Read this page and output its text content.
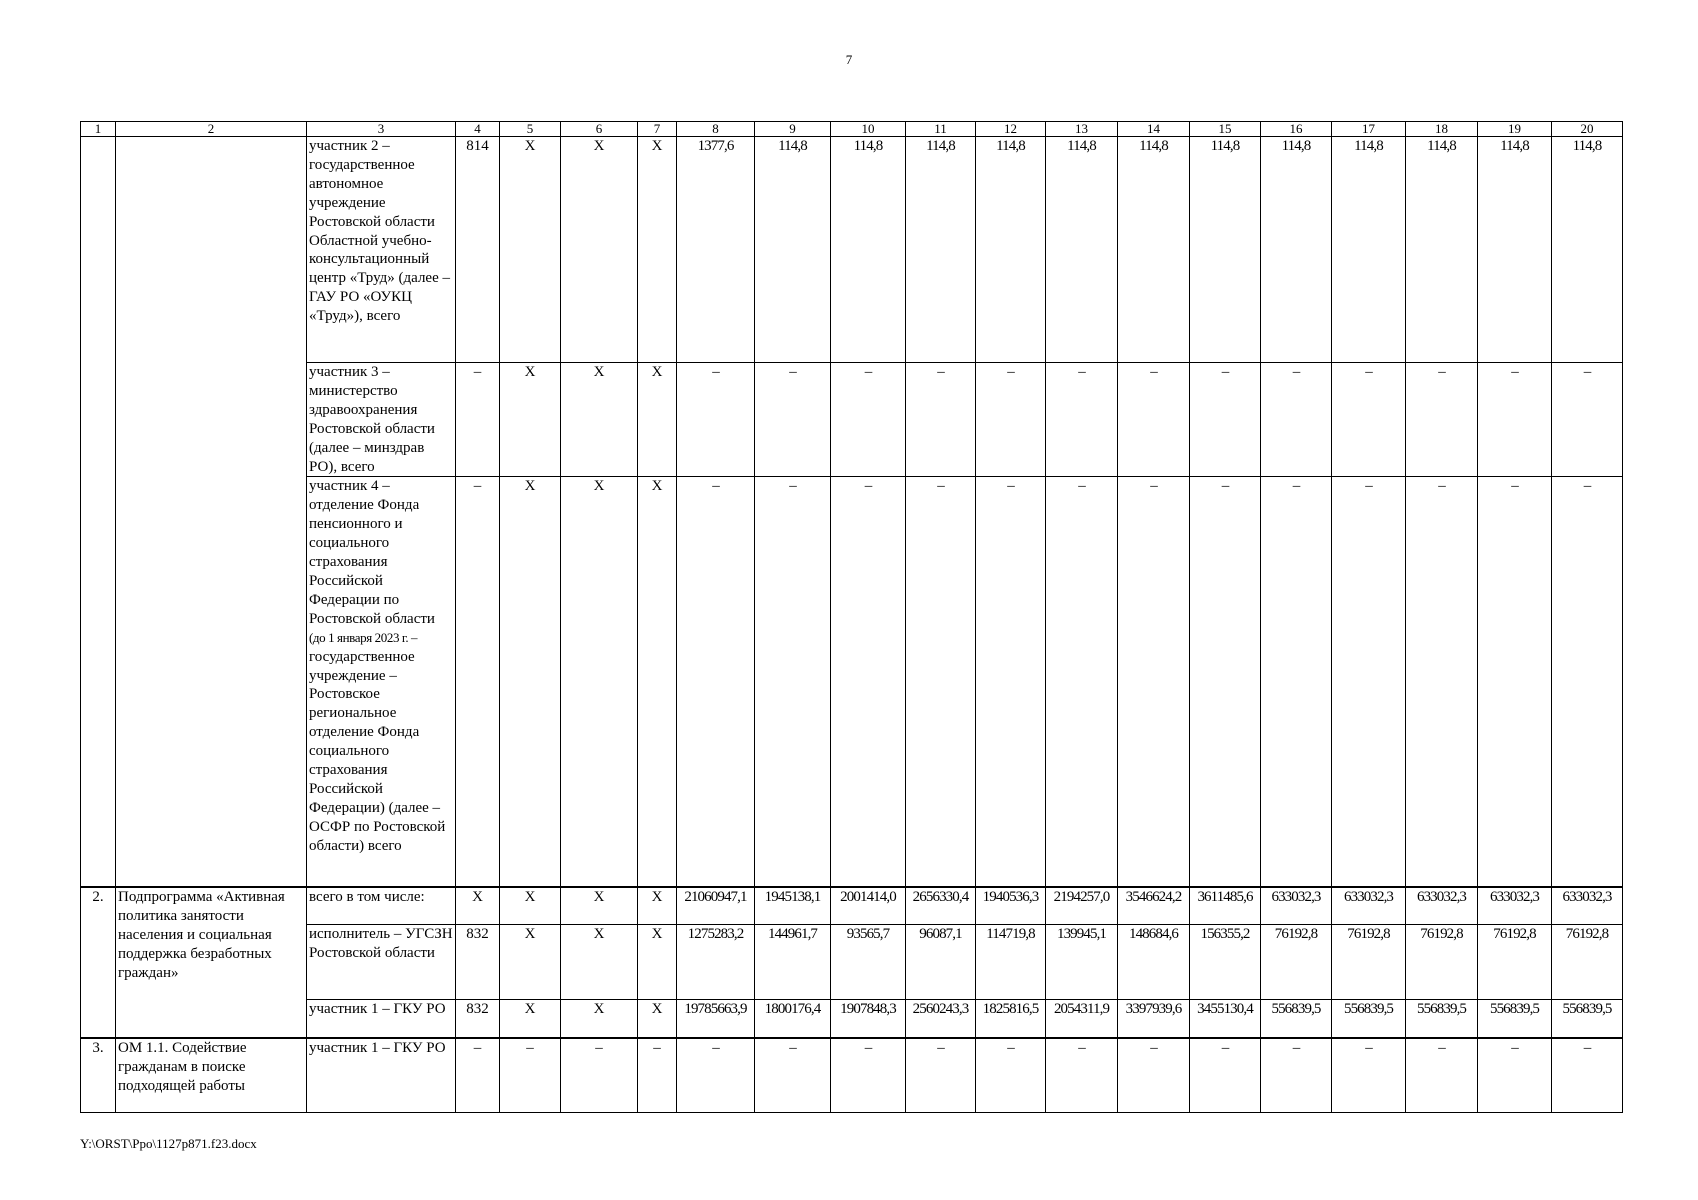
7
1	2	3	4	5	6	7	8	9	10	11	12	13	14	15	16	17	18	19	20
		участник 2 – государственное автономное учреждение Ростовской области Областной учебно-консультационный центр «Труд» (далее – ГАУ РО «ОУКЦ «Труд»), всего	814	X	X	X	1377,6	114,8	114,8	114,8	114,8	114,8	114,8	114,8	114,8	114,8	114,8	114,8	114,8
		участник 3 – министерство здравоохранения Ростовской области (далее – минздрав РО), всего	–	X	X	X	–	–	–	–	–	–	–	–	–	–	–	–	–
		участник 4 – отделение Фонда пенсионного и социального страхования Российской Федерации по Ростовской области (до 1 января 2023 г. – государственное учреждение – Ростовское региональное отделение Фонда социального страхования Российской Федерации) (далее – ОСФР по Ростовской области) всего	–	X	X	X	–	–	–	–	–	–	–	–	–	–	–	–	–
2.	Подпрограмма «Активная политика занятости населения и социальная поддержка безработных граждан»	всего в том числе:	X	X	X	X	21060947,1	1945138,1	2001414,0	2656330,4	1940536,3	2194257,0	3546624,2	3611485,6	633032,3	633032,3	633032,3	633032,3	633032,3
		исполнитель – УГСЗН Ростовской области	832	X	X	X	1275283,2	144961,7	93565,7	96087,1	114719,8	139945,1	148684,6	156355,2	76192,8	76192,8	76192,8	76192,8	76192,8
		участник 1 – ГКУ РО	832	X	X	X	19785663,9	1800176,4	1907848,3	2560243,3	1825816,5	2054311,9	3397939,6	3455130,4	556839,5	556839,5	556839,5	556839,5	556839,5
3.	ОМ 1.1. Содействие гражданам в поиске подходящей работы	участник 1 – ГКУ РО	–	–	–	–	–	–	–	–	–	–	–	–	–	–	–	–	–
Y:\ORST\Ppo\1127p871.f23.docx
